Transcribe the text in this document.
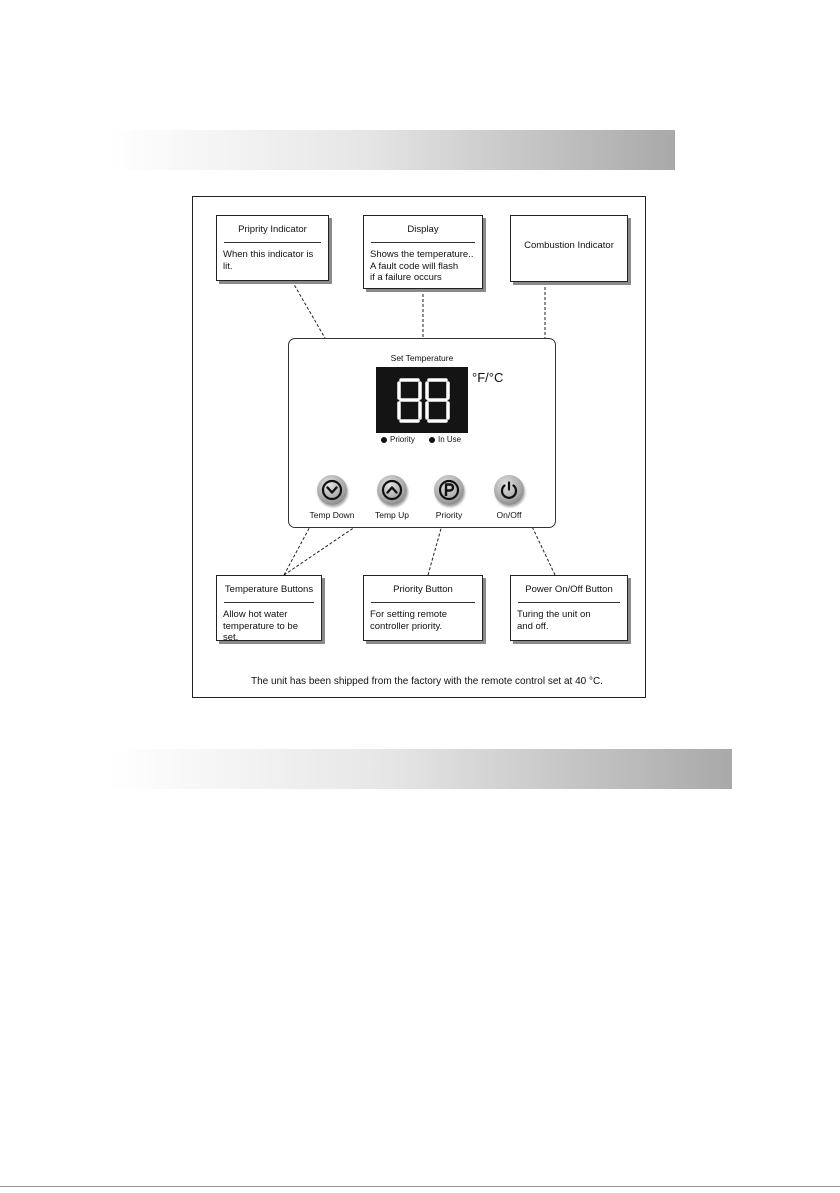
Priprity Indicator
When this indicator is
lit.
Display
Shows the temperature..
A fault code will flash
if a failure occurs
Combustion Indicator
Set Temperature
°F/°C
Priority	In Use
Temp Down	Temp Up	Priority	On/Off
Temperature Buttons
Allow hot water
temperature to be set.
Priority Button
For setting remote
controller priority.
Power On/Off Button
Turing the unit on
and off.
The unit has been shipped from the factory with the remote control set at 40 °C.
